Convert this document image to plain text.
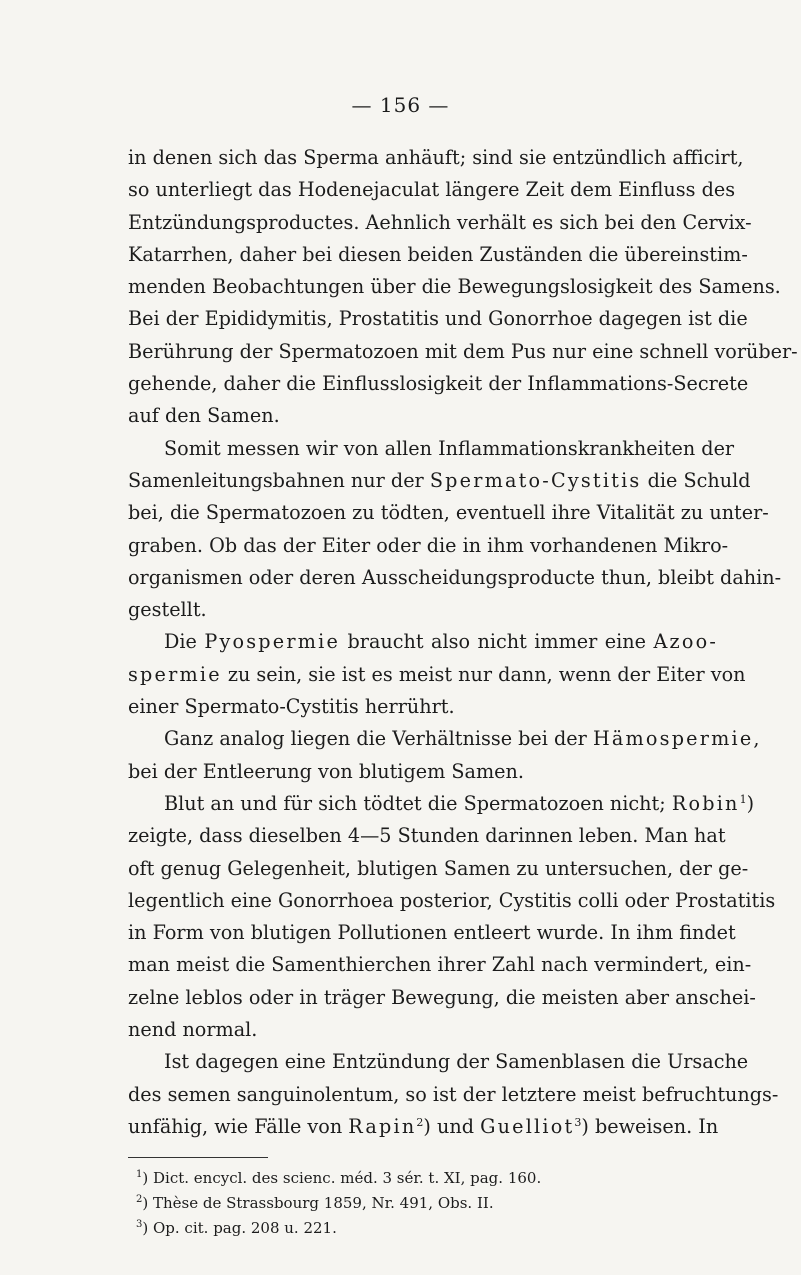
— 156 —
in denen sich das Sperma anhäuft; sind sie entzündlich afficirt,
so unterliegt das Hodenejaculat längere Zeit dem Einfluss des
Entzündungsproductes. Aehnlich verhält es sich bei den Cervix-
Katarrhen, daher bei diesen beiden Zuständen die übereinstim-
menden Beobachtungen über die Bewegungslosigkeit des Samens.
Bei der Epididymitis, Prostatitis und Gonorrhoe dagegen ist die
Berührung der Spermatozoen mit dem Pus nur eine schnell vorüber-
gehende, daher die Einflusslosigkeit der Inflammations-Secrete
auf den Samen.
Somit messen wir von allen Inflammationskrankheiten der
Samenleitungsbahnen nur der Spermato-Cystitis die Schuld
bei, die Spermatozoen zu tödten, eventuell ihre Vitalität zu unter-
graben. Ob das der Eiter oder die in ihm vorhandenen Mikro-
organismen oder deren Ausscheidungsproducte thun, bleibt dahin-
gestellt.
Die Pyospermie braucht also nicht immer eine Azoo-
spermie zu sein, sie ist es meist nur dann, wenn der Eiter von
einer Spermato-Cystitis herrührt.
Ganz analog liegen die Verhältnisse bei der Hämospermie,
bei der Entleerung von blutigem Samen.
Blut an und für sich tödtet die Spermatozoen nicht; Robin$^1$)
zeigte, dass dieselben 4—5 Stunden darinnen leben. Man hat
oft genug Gelegenheit, blutigen Samen zu untersuchen, der ge-
legentlich eine Gonorrhoea posterior, Cystitis colli oder Prostatitis
in Form von blutigen Pollutionen entleert wurde. In ihm findet
man meist die Samenthierchen ihrer Zahl nach vermindert, ein-
zelne leblos oder in träger Bewegung, die meisten aber anschei-
nend normal.
Ist dagegen eine Entzündung der Samenblasen die Ursache
des semen sanguinolentum, so ist der letztere meist befruchtungs-
unfähig, wie Fälle von Rapin$^2$) und Guelliot$^3$) beweisen. In
$^1$) Dict. encycl. des scienc. méd. 3 sér. t. XI, pag. 160.
$^2$) Thèse de Strassbourg 1859, Nr. 491, Obs. II.
$^3$) Op. cit. pag. 208 u. 221.
